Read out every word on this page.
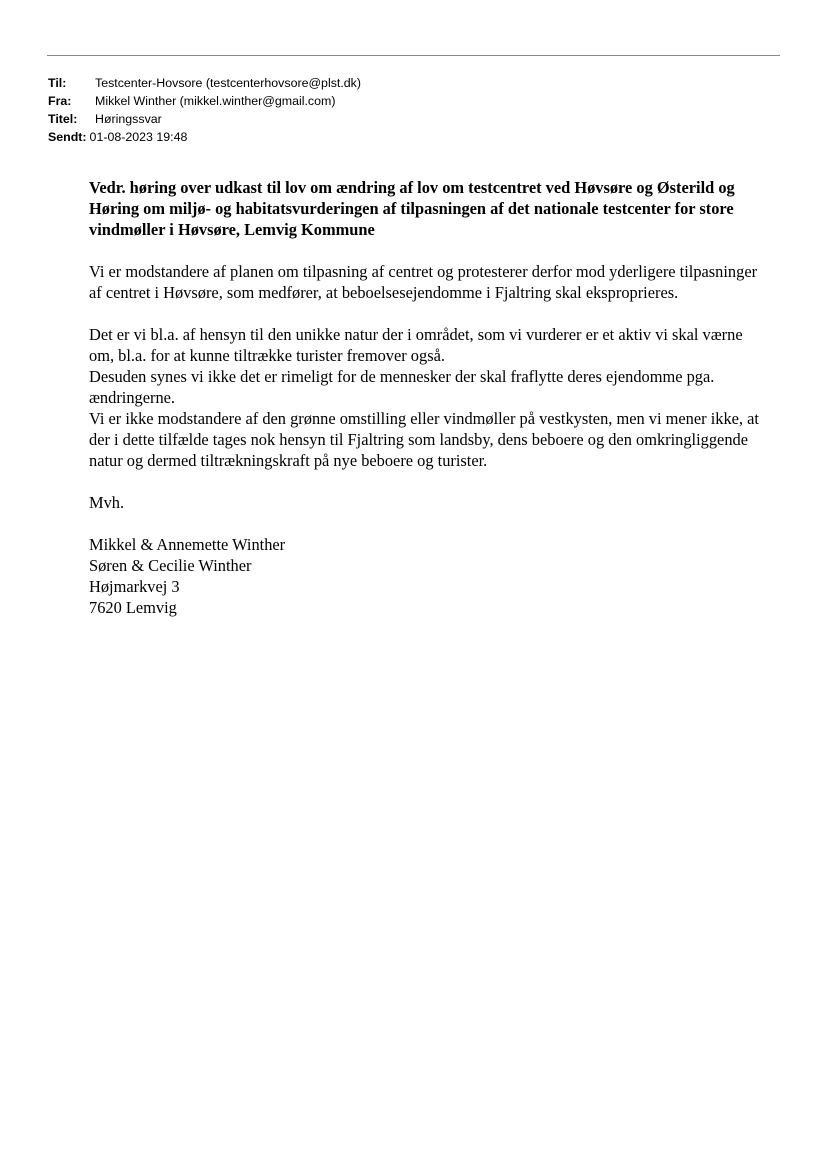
Til:	Testcenter-Hovsore (testcenterhovsore@plst.dk)
Fra:	Mikkel Winther (mikkel.winther@gmail.com)
Titel:	Høringssvar
Sendt: 01-08-2023 19:48

Vedr. høring over udkast til lov om ændring af lov om testcentret ved Høvsøre og Østerild og Høring om miljø- og habitatsvurderingen af tilpasningen af det nationale testcenter for store vindmøller i Høvsøre, Lemvig Kommune

Vi er modstandere af planen om tilpasning af centret og protesterer derfor mod yderligere tilpasninger af centret i Høvsøre, som medfører, at beboelsesejendomme i Fjaltring skal eksproprieres.

Det er vi bl.a. af hensyn til den unikke natur der i området, som vi vurderer er et aktiv vi skal værne om, bl.a. for at kunne tiltrække turister fremover også.

Desuden synes vi ikke det er rimeligt for de mennesker der skal fraflytte deres ejendomme pga. ændringerne.

Vi er ikke modstandere af den grønne omstilling eller vindmøller på vestkysten, men vi mener ikke, at der i dette tilfælde tages nok hensyn til Fjaltring som landsby, dens beboere og den omkringliggende natur og dermed tiltrækningskraft på nye beboere og turister.

Mvh.

Mikkel & Annemette Winther

Søren & Cecilie Winther

Højmarkvej 3

7620 Lemvig
